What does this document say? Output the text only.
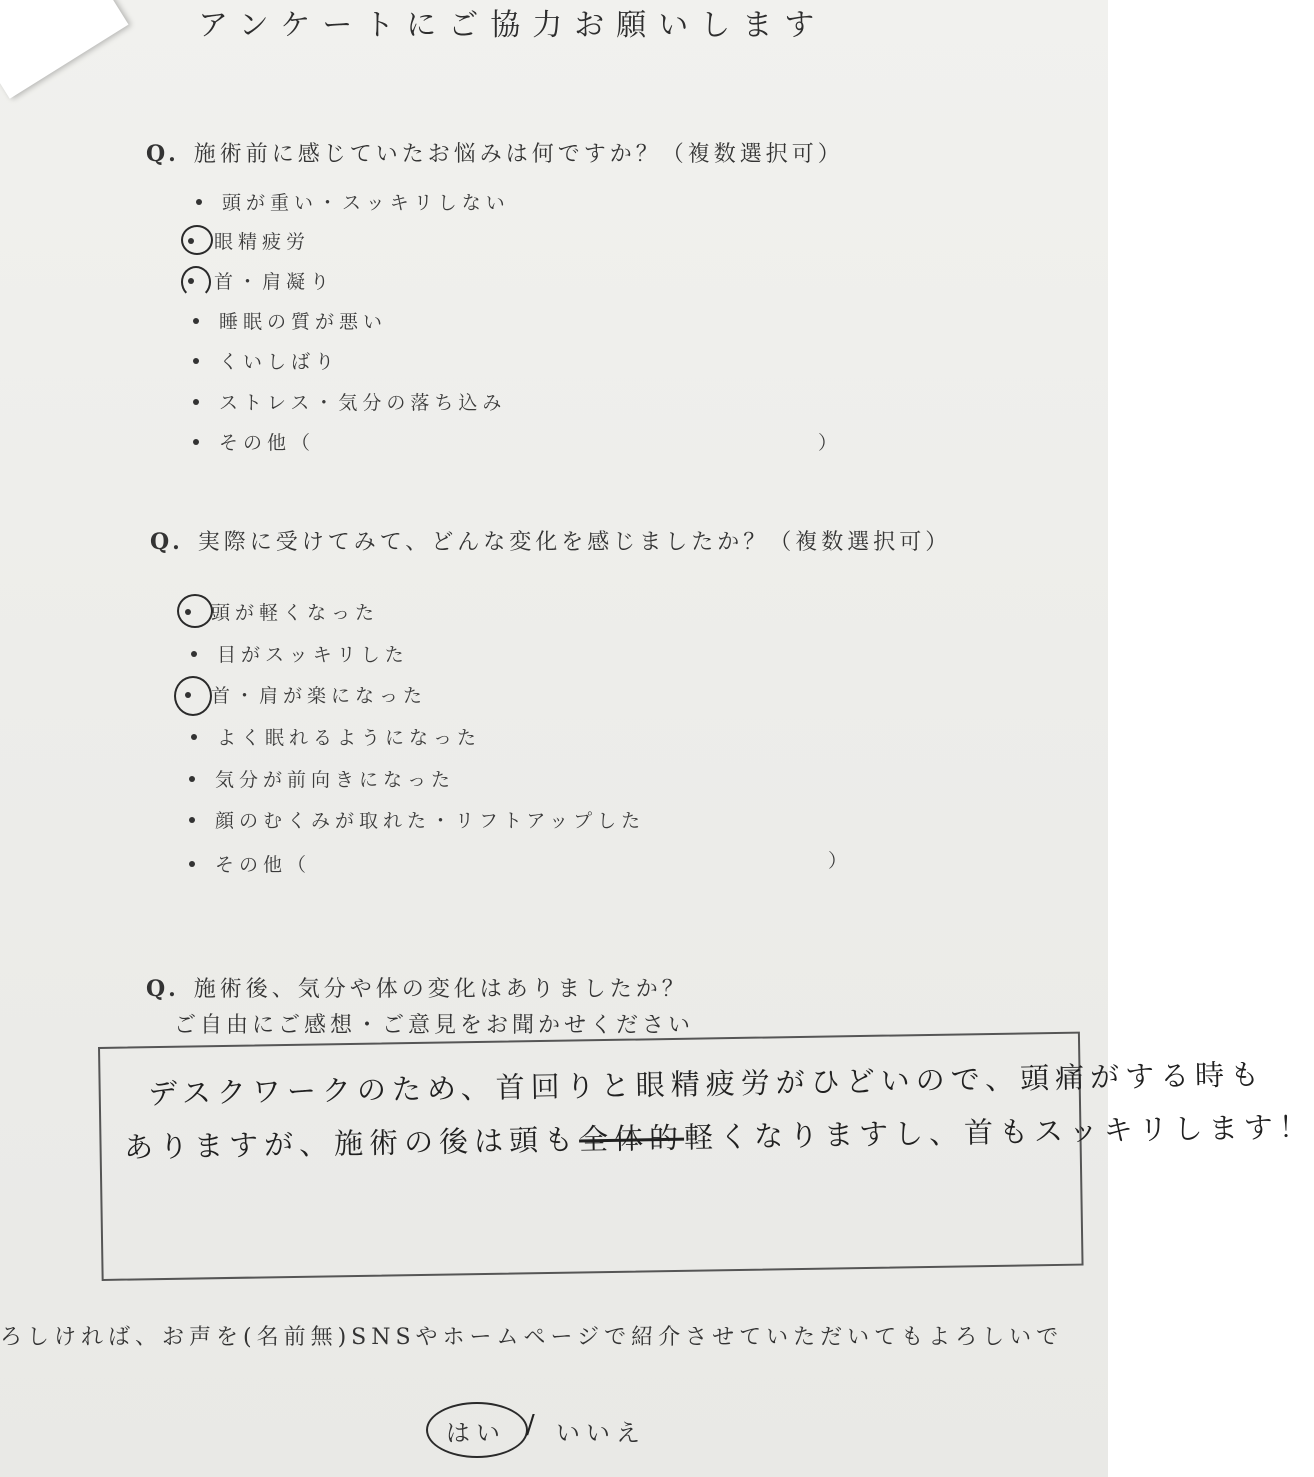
アンケートにご協力お願いします
Q. 施術前に感じていたお悩みは何ですか？（複数選択可）
頭が重い・スッキリしない
眼精疲労
首・肩凝り
睡眠の質が悪い
くいしばり
ストレス・気分の落ち込み
その他（	）
Q. 実際に受けてみて、どんな変化を感じましたか？（複数選択可）
頭が軽くなった
目がスッキリした
首・肩が楽になった
よく眠れるようになった
気分が前向きになった
顔のむくみが取れた・リフトアップした
その他（	）
Q. 施術後、気分や体の変化はありましたか？
ご自由にご感想・ご意見をお聞かせください
デスクワークのため、首回りと眼精疲労がひどいので、頭痛がする時も
ありますが、施術の後は頭も全体的軽くなりますし、首もスッキリします！
ろしければ、お声を(名前無)SNSやホームページで紹介させていただいてもよろしいで
はい / いいえ
